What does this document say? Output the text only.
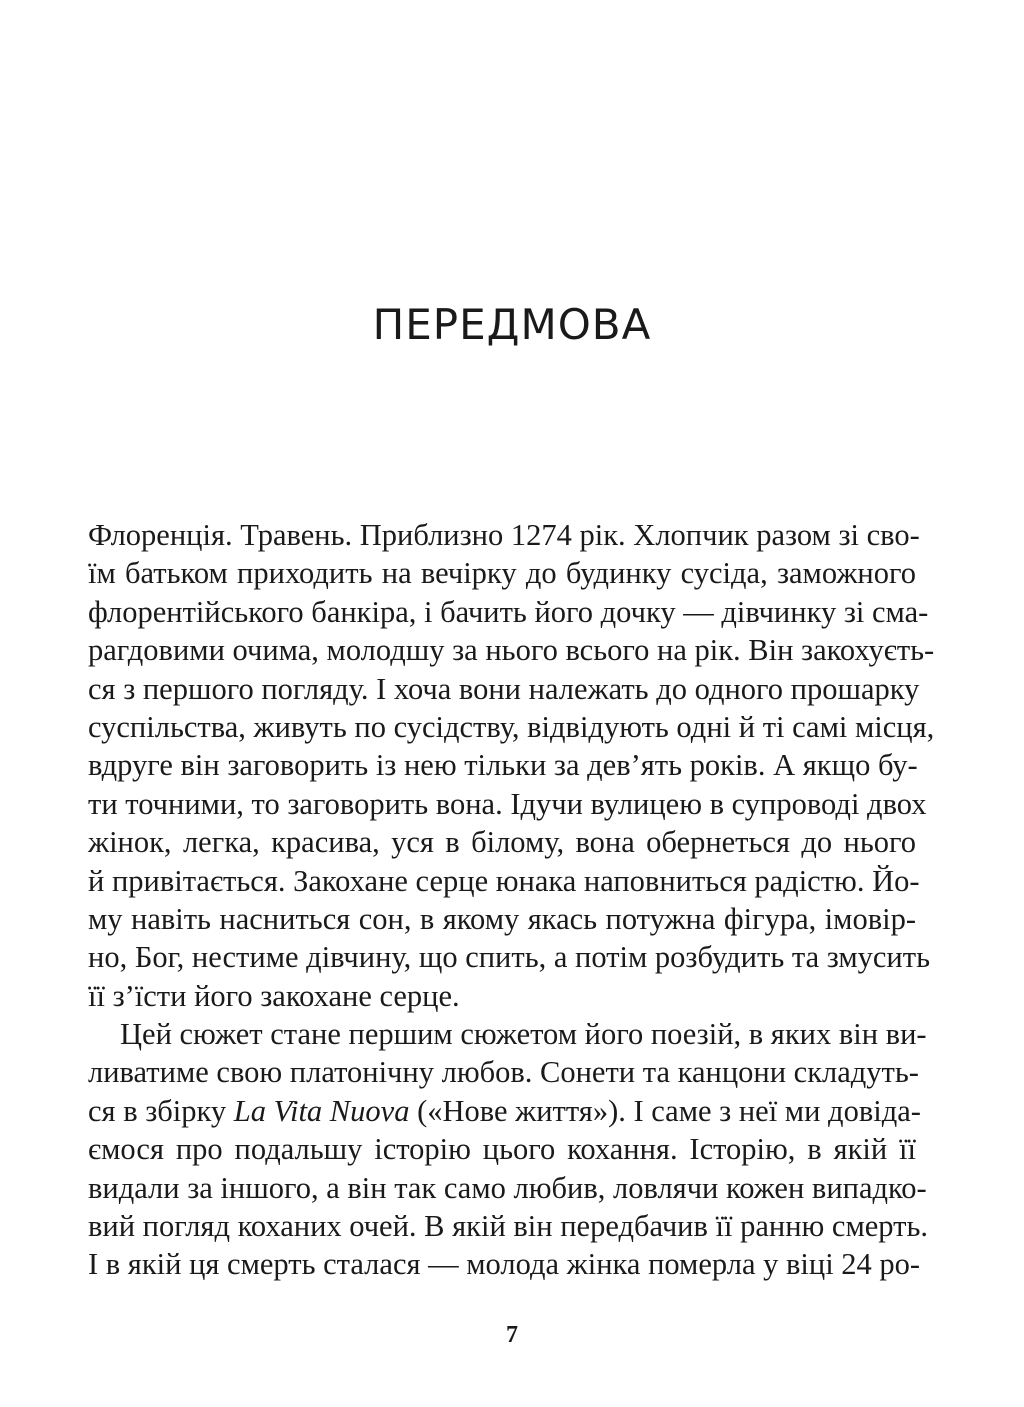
ПЕРЕДМОВА
Флоренція. Травень. Приблизно 1274 рік. Хлопчик разом зі сво-
їм батьком приходить на вечірку до будинку сусіда, заможного
флорентійського банкіра, і бачить його дочку — дівчинку зі сма-
рагдовими очима, молодшу за нього всього на рік. Він закохуєть-
ся з першого погляду. І хоча вони належать до одного прошарку
суспільства, живуть по сусідству, відвідують одні й ті самі місця,
вдруге він заговорить із нею тільки за дев’ять років. А якщо бу-
ти точними, то заговорить вона. Ідучи вулицею в супроводі двох
жінок, легка, красива, уся в білому, вона обернеться до нього
й привітається. Закохане серце юнака наповниться радістю. Йо-
му навіть насниться сон, в якому якась потужна фігура, імовір-
но, Бог, нестиме дівчину, що спить, а потім розбудить та змусить
її з’їсти його закохане серце.
Цей сюжет стане першим сюжетом його поезій, в яких він ви-
ливатиме свою платонічну любов. Сонети та канцони складуть-
ся в збірку La Vita Nuova («Нове життя»). І саме з неї ми довіда-
ємося про подальшу історію цього кохання. Історію, в якій її
видали за іншого, а він так само любив, ловлячи кожен випадко-
вий погляд коханих очей. В якій він передбачив її ранню смерть.
І в якій ця смерть сталася — молода жінка померла у віці 24 ро-
7
